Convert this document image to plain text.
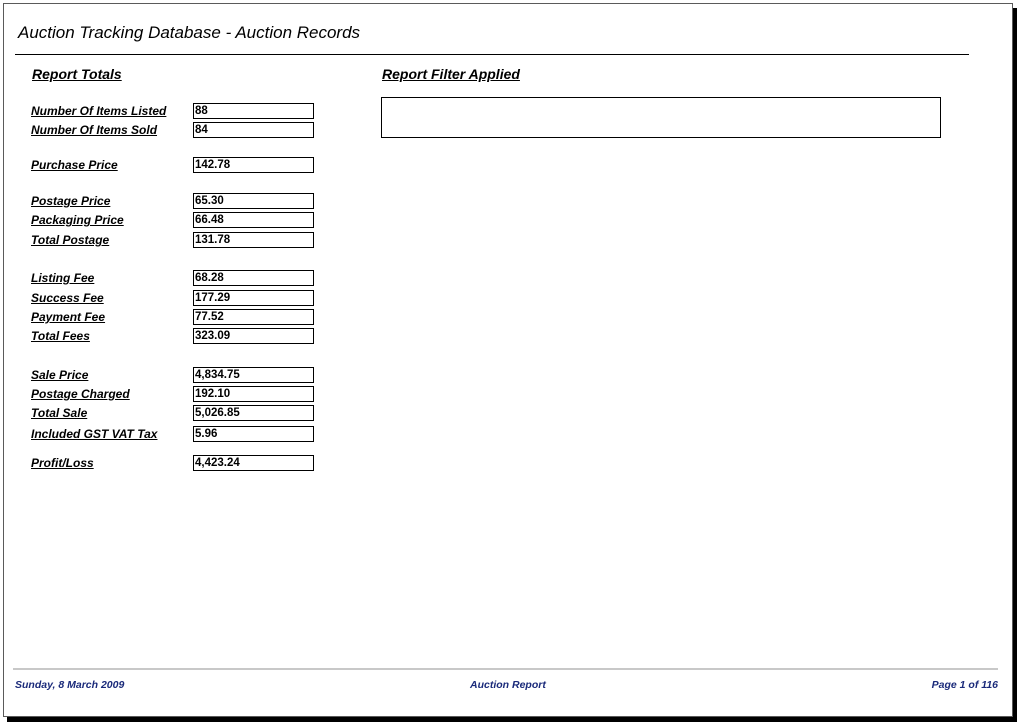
Auction Tracking Database - Auction Records
Report Totals	Report Filter Applied
Number Of Items Listed 88
Number Of Items Sold	84
Purchase Price	142.78
Postage Price	65.30
Packaging Price	66.48
Total Postage	131.78
Listing Fee	68.28
Success Fee	177.29
Payment Fee	77.52
Total Fees	323.09
Sale Price	4,834.75
Postage Charged	192.10
Total Sale	5,026.85
Included GST VAT Tax	5.96
Profit/Loss	4,423.24
Sunday, 8 March 2009	Auction Report	Page 1 of 116
